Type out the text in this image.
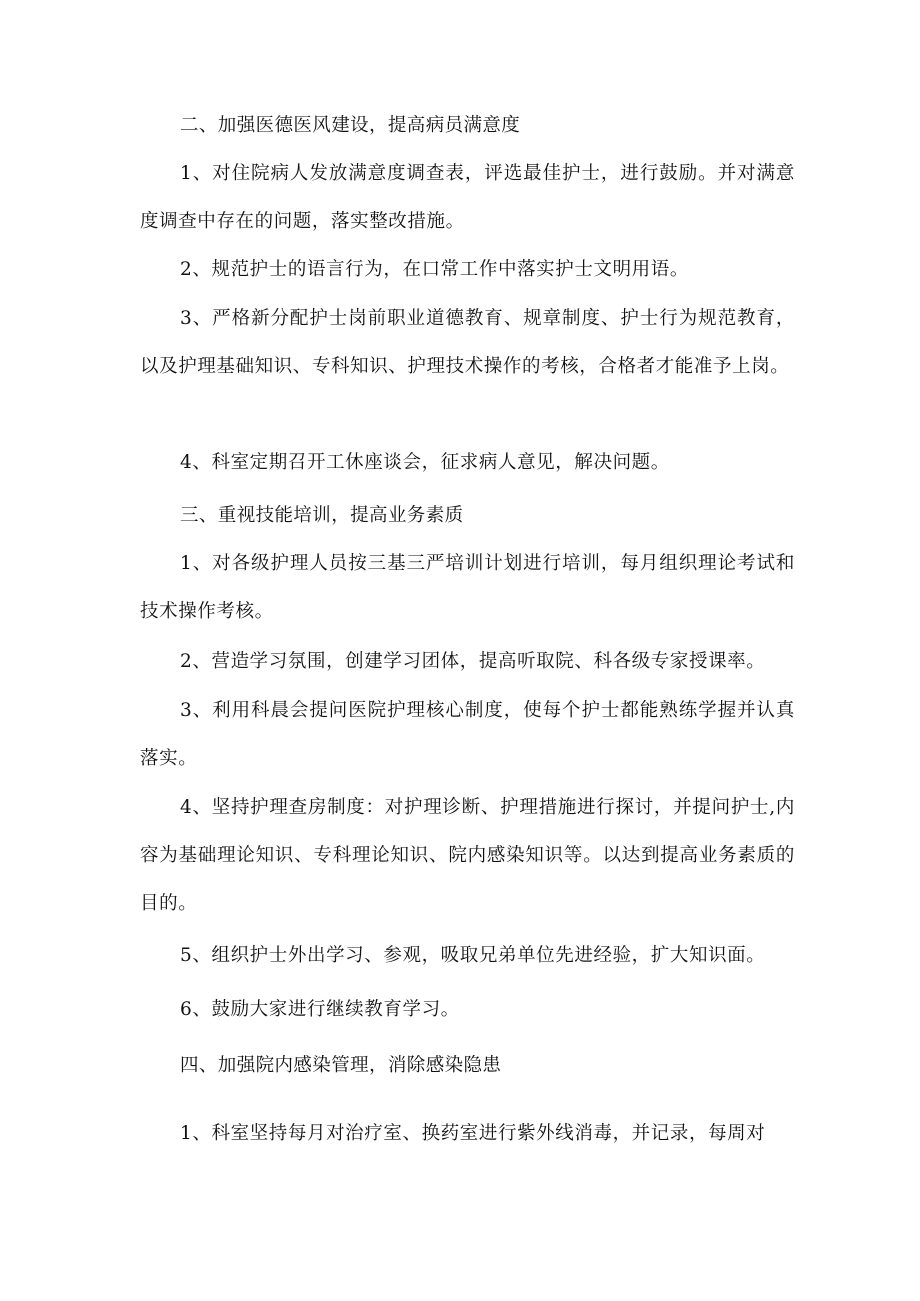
二、加强医德医风建设，提高病员满意度

1、对住院病人发放满意度调查表，评选最佳护士，进行鼓励。并对满意度调查中存在的问题，落实整改措施。

2、规范护士的语言行为，在口常工作中落实护士文明用语。

3、严格新分配护士岗前职业道德教育、规章制度、护士行为规范教育，以及护理基础知识、专科知识、护理技术操作的考核，合格者才能准予上岗。

4、科室定期召开工休座谈会，征求病人意见，解决问题。

三、重视技能培训，提高业务素质

1、对各级护理人员按三基三严培训计划进行培训，每月组织理论考试和技术操作考核。

2、营造学习氛围，创建学习团体，提高听取院、科各级专家授课率。

3、利用科晨会提问医院护理核心制度，使每个护士都能熟练学握并认真落实。

4、坚持护理查房制度：对护理诊断、护理措施进行探讨，并提问护士,内容为基础理论知识、专科理论知识、院内感染知识等。以达到提高业务素质的目的。

5、组织护士外出学习、参观，吸取兄弟单位先进经验，扩大知识面。

6、鼓励大家进行继续教育学习。

四、加强院内感染管理，消除感染隐患

1、科室坚持每月对治疗室、换药室进行紫外线消毒，并记录，每周对
